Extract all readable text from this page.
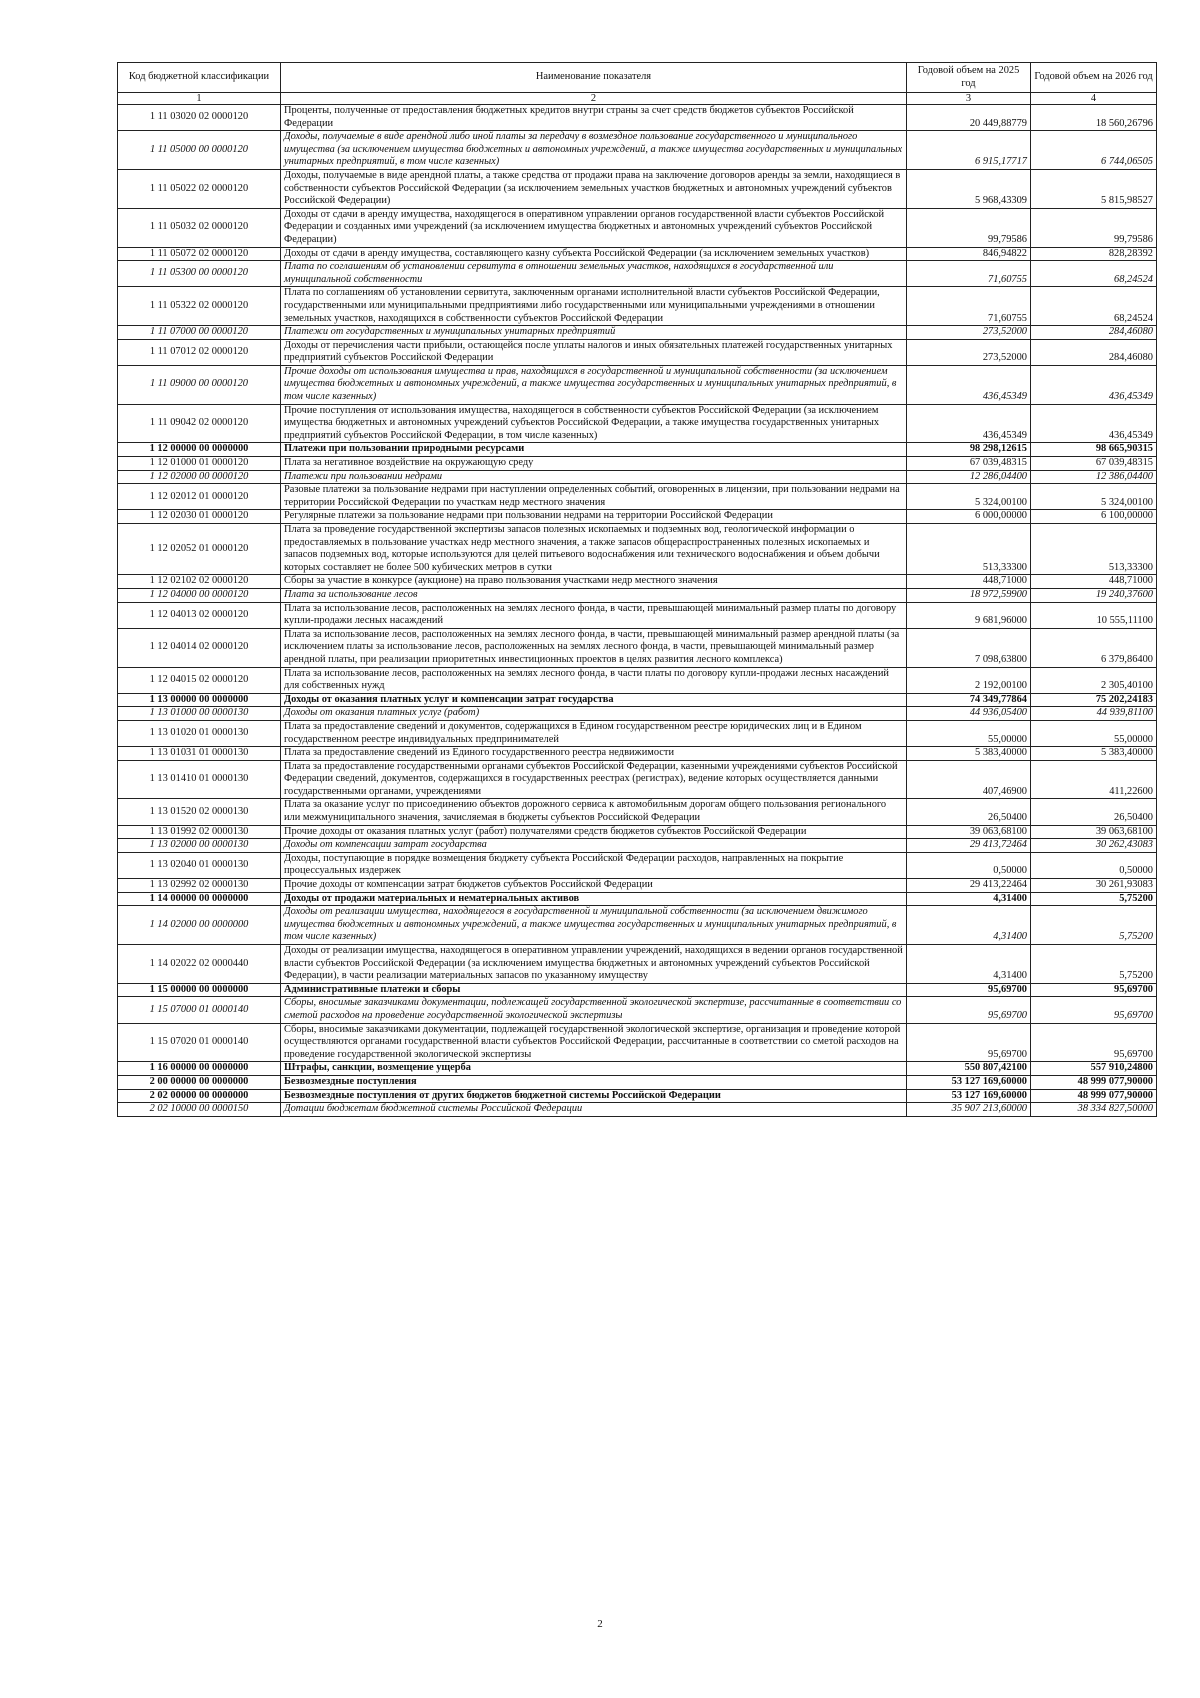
Код бюджетной классификации	Наименование показателя	Годовой объем на 2025 год	Годовой объем на 2026 год
1	2	3	4
1 11 03020 02 0000120	Проценты, полученные от предоставления бюджетных кредитов внутри страны за счет средств бюджетов субъектов Российской Федерации	20 449,88779	18 560,26796
1 11 05000 00 0000120	Доходы, получаемые в виде арендной либо иной платы за передачу в возмездное пользование государственного и муниципального имущества (за исключением имущества бюджетных и автономных учреждений, а также имущества государственных и муниципальных унитарных предприятий, в том числе казенных)	6 915,17717	6 744,06505
1 11 05022 02 0000120	Доходы, получаемые в виде арендной платы, а также средства от продажи права на заключение договоров аренды за земли, находящиеся в собственности субъектов Российской Федерации (за исключением земельных участков бюджетных и автономных учреждений субъектов Российской Федерации)	5 968,43309	5 815,98527
1 11 05032 02 0000120	Доходы от сдачи в аренду имущества, находящегося в оперативном управлении органов государственной власти субъектов Российской Федерации и созданных ими учреждений (за исключением имущества бюджетных и автономных учреждений субъектов Российской Федерации)	99,79586	99,79586
1 11 05072 02 0000120	Доходы от сдачи в аренду имущества, составляющего казну субъекта Российской Федерации (за исключением земельных участков)	846,94822	828,28392
1 11 05300 00 0000120	Плата по соглашениям об установлении сервитута в отношении земельных участков, находящихся в государственной или муниципальной собственности	71,60755	68,24524
1 11 05322 02 0000120	Плата по соглашениям об установлении сервитута, заключенным органами исполнительной власти субъектов Российской Федерации, государственными или муниципальными предприятиями либо государственными или муниципальными учреждениями в отношении земельных участков, находящихся в собственности субъектов Российской Федерации	71,60755	68,24524
1 11 07000 00 0000120	Платежи от государственных и муниципальных унитарных предприятий	273,52000	284,46080
1 11 07012 02 0000120	Доходы от перечисления части прибыли, остающейся после уплаты налогов и иных обязательных платежей государственных унитарных предприятий субъектов Российской Федерации	273,52000	284,46080
1 11 09000 00 0000120	Прочие доходы от использования имущества и прав, находящихся в государственной и муниципальной собственности (за исключением имущества бюджетных и автономных учреждений, а также имущества государственных и муниципальных унитарных предприятий, в том числе казенных)	436,45349	436,45349
1 11 09042 02 0000120	Прочие поступления от использования имущества, находящегося в собственности субъектов Российской Федерации (за исключением имущества бюджетных и автономных учреждений субъектов Российской Федерации, а также имущества государственных унитарных предприятий субъектов Российской Федерации, в том числе казенных)	436,45349	436,45349
1 12 00000 00 0000000	Платежи при пользовании природными ресурсами	98 298,12615	98 665,90315
1 12 01000 01 0000120	Плата за негативное воздействие на окружающую среду	67 039,48315	67 039,48315
1 12 02000 00 0000120	Платежи при пользовании недрами	12 286,04400	12 386,04400
1 12 02012 01 0000120	Разовые платежи за пользование недрами при наступлении определенных событий, оговоренных в лицензии, при пользовании недрами на территории Российской Федерации по участкам недр местного значения	5 324,00100	5 324,00100
1 12 02030 01 0000120	Регулярные платежи за пользование недрами при пользовании недрами на территории Российской Федерации	6 000,00000	6 100,00000
1 12 02052 01 0000120	Плата за проведение государственной экспертизы запасов полезных ископаемых и подземных вод, геологической информации о предоставляемых в пользование участках недр местного значения, а также запасов общераспространенных полезных ископаемых и запасов подземных вод, которые используются для целей питьевого водоснабжения или технического водоснабжения и объем добычи которых составляет не более 500 кубических метров в сутки	513,33300	513,33300
1 12 02102 02 0000120	Сборы за участие в конкурсе (аукционе) на право пользования участками недр местного значения	448,71000	448,71000
1 12 04000 00 0000120	Плата за использование лесов	18 972,59900	19 240,37600
1 12 04013 02 0000120	Плата за использование лесов, расположенных на землях лесного фонда, в части, превышающей минимальный размер платы по договору купли-продажи лесных насаждений	9 681,96000	10 555,11100
1 12 04014 02 0000120	Плата за использование лесов, расположенных на землях лесного фонда, в части, превышающей минимальный размер арендной платы (за исключением платы за использование лесов, расположенных на землях лесного фонда, в части, превышающей минимальный размер арендной платы, при реализации приоритетных инвестиционных проектов в целях развития лесного комплекса)	7 098,63800	6 379,86400
1 12 04015 02 0000120	Плата за использование лесов, расположенных на землях лесного фонда, в части платы по договору купли-продажи лесных насаждений для собственных нужд	2 192,00100	2 305,40100
1 13 00000 00 0000000	Доходы от оказания платных услуг и компенсации затрат государства	74 349,77864	75 202,24183
1 13 01000 00 0000130	Доходы от оказания платных услуг (работ)	44 936,05400	44 939,81100
1 13 01020 01 0000130	Плата за предоставление сведений и документов, содержащихся в Едином государственном реестре юридических лиц и в Едином государственном реестре индивидуальных предпринимателей	55,00000	55,00000
1 13 01031 01 0000130	Плата за предоставление сведений из Единого государственного реестра недвижимости	5 383,40000	5 383,40000
1 13 01410 01 0000130	Плата за предоставление государственными органами субъектов Российской Федерации, казенными учреждениями субъектов Российской Федерации сведений, документов, содержащихся в государственных реестрах (регистрах), ведение которых осуществляется данными государственными органами, учреждениями	407,46900	411,22600
1 13 01520 02 0000130	Плата за оказание услуг по присоединению объектов дорожного сервиса к автомобильным дорогам общего пользования регионального или межмуниципального значения, зачисляемая в бюджеты субъектов Российской Федерации	26,50400	26,50400
1 13 01992 02 0000130	Прочие доходы от оказания платных услуг (работ) получателями средств бюджетов субъектов Российской Федерации	39 063,68100	39 063,68100
1 13 02000 00 0000130	Доходы от компенсации затрат государства	29 413,72464	30 262,43083
1 13 02040 01 0000130	Доходы, поступающие в порядке возмещения бюджету субъекта Российской Федерации расходов, направленных на покрытие процессуальных издержек	0,50000	0,50000
1 13 02992 02 0000130	Прочие доходы от компенсации затрат бюджетов субъектов Российской Федерации	29 413,22464	30 261,93083
1 14 00000 00 0000000	Доходы от продажи материальных и нематериальных активов	4,31400	5,75200
1 14 02000 00 0000000	Доходы от реализации имущества, находящегося в государственной и муниципальной собственности (за исключением движимого имущества бюджетных и автономных учреждений, а также имущества государственных и муниципальных унитарных предприятий, в том числе казенных)	4,31400	5,75200
1 14 02022 02 0000440	Доходы от реализации имущества, находящегося в оперативном управлении учреждений, находящихся в ведении органов государственной власти субъектов Российской Федерации (за исключением имущества бюджетных и автономных учреждений субъектов Российской Федерации), в части реализации материальных запасов по указанному имуществу	4,31400	5,75200
1 15 00000 00 0000000	Административные платежи и сборы	95,69700	95,69700
1 15 07000 01 0000140	Сборы, вносимые заказчиками документации, подлежащей государственной экологической экспертизе, рассчитанные в соответствии со сметой расходов на проведение государственной экологической экспертизы	95,69700	95,69700
1 15 07020 01 0000140	Сборы, вносимые заказчиками документации, подлежащей государственной экологической экспертизе, организация и проведение которой осуществляются органами государственной власти субъектов Российской Федерации, рассчитанные в соответствии со сметой расходов на проведение государственной экологической экспертизы	95,69700	95,69700
1 16 00000 00 0000000	Штрафы, санкции, возмещение ущерба	550 807,42100	557 910,24800
2 00 00000 00 0000000	Безвозмездные поступления	53 127 169,60000	48 999 077,90000
2 02 00000 00 0000000	Безвозмездные поступления от других бюджетов бюджетной системы Российской Федерации	53 127 169,60000	48 999 077,90000
2 02 10000 00 0000150	Дотации бюджетам бюджетной системы Российской Федерации	35 907 213,60000	38 334 827,50000
2
